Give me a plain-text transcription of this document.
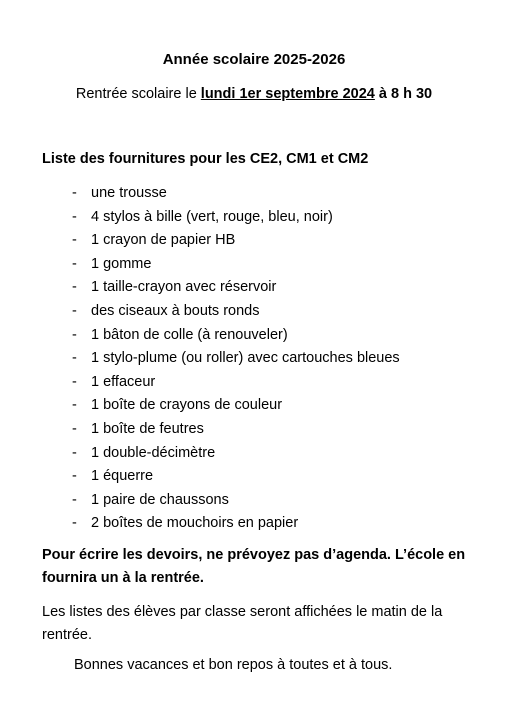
Année scolaire 2025-2026
Rentrée scolaire le lundi 1er septembre 2024 à 8 h 30
Liste des fournitures pour les CE2, CM1 et CM2
- une trousse
- 4 stylos à bille (vert, rouge, bleu, noir)
- 1 crayon de papier HB
- 1 gomme
- 1 taille-crayon avec réservoir
- des ciseaux à bouts ronds
- 1 bâton de colle (à renouveler)
- 1 stylo-plume (ou roller) avec cartouches bleues
- 1 effaceur
- 1 boîte de crayons de couleur
- 1 boîte de feutres
- 1 double-décimètre
- 1 équerre
- 1 paire de chaussons
- 2 boîtes de mouchoirs en papier
Pour écrire les devoirs, ne prévoyez pas d’agenda. L’école en fournira un à la rentrée.
Les listes des élèves par classe seront affichées le matin de la rentrée.
Bonnes vacances et bon repos à toutes et à tous.
